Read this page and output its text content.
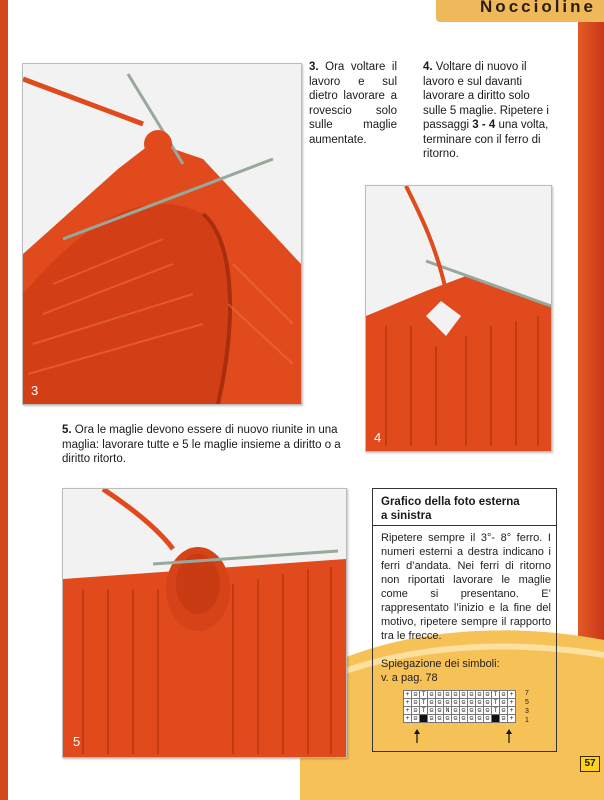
Noccioline
3
4
5
3. Ora voltare il lavoro e sul dietro lavorare a rovescio solo sulle maglie aumentate.
4. Voltare di nuovo il lavoro e sul davanti lavorare a diritto solo sulle 5 maglie. Ripetere i passaggi 3 - 4 una volta, terminare con il ferro di ritorno.
5. Ora le maglie devono essere di nuovo riunite in una maglia: lavorare tutte e 5 le maglie insieme a diritto o a diritto ritorto.
Grafico della foto esterna
a sinistra
Ripetere sempre il 3°- 8° ferro. I numeri esterni a destra indicano i ferri d’andata. Nei ferri di ritorno non riportati lavorare le maglie come si presentano. E’ rappresentato l’inizio e la fine del motivo, ripetere sempre il rapporto tra le frecce.
Spiegazione dei simboli:
v. a pag. 78
+	⊟	T	⊟	⊟	⊟	⊟	⊟	⊟	⊟	⊟	T	⊟	+
+	⊟	T	⊟	⊟	⊟	⊟	⊟	⊟	⊟	⊟	T	⊟	+
+	⊟	T	⊟	⊟	N	⊟	⊟	⊟	⊟	⊟	T	⊟	+
+	⊟		⊟	⊟	⊟	⊟	⊟	⊟	⊟	⊟		⊟	+
7
5
3
1
57
